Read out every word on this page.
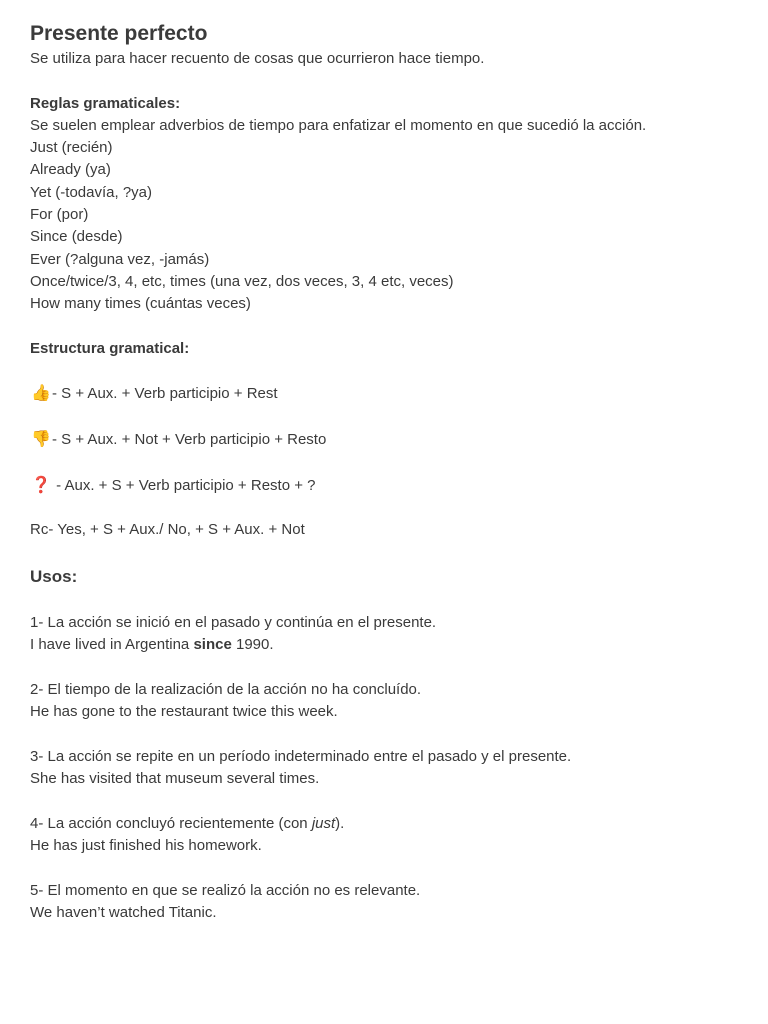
Presente perfecto

Se utiliza para hacer recuento de cosas que ocurrieron hace tiempo.

Reglas gramaticales:

Se suelen emplear adverbios de tiempo para enfatizar el momento en que sucedió la acción.

Just (recién)

Already (ya)

Yet (-todavía, ?ya)

For (por)

Since (desde)

Ever (?alguna vez, -jamás)

Once/twice/3, 4, etc, times (una vez, dos veces, 3, 4 etc, veces)

How many times (cuántas veces)

Estructura gramatical:

👍- S + Aux. + Verb participio + Rest

👎- S + Aux. + Not + Verb participio + Resto

❓ - Aux. + S + Verb participio + Resto + ?

Rc- Yes, + S + Aux./ No, + S + Aux. + Not

Usos:

1- La acción se inició en el pasado y continúa en el presente.

I have lived in Argentina since 1990.

2- El tiempo de la realización de la acción no ha concluído.

He has gone to the restaurant twice this week.

3- La acción se repite en un período indeterminado entre el pasado y el presente.

She has visited that museum several times.

4- La acción concluyó recientemente (con just).

He has just finished his homework.

5- El momento en que se realizó la acción no es relevante.

We haven’t watched Titanic.
